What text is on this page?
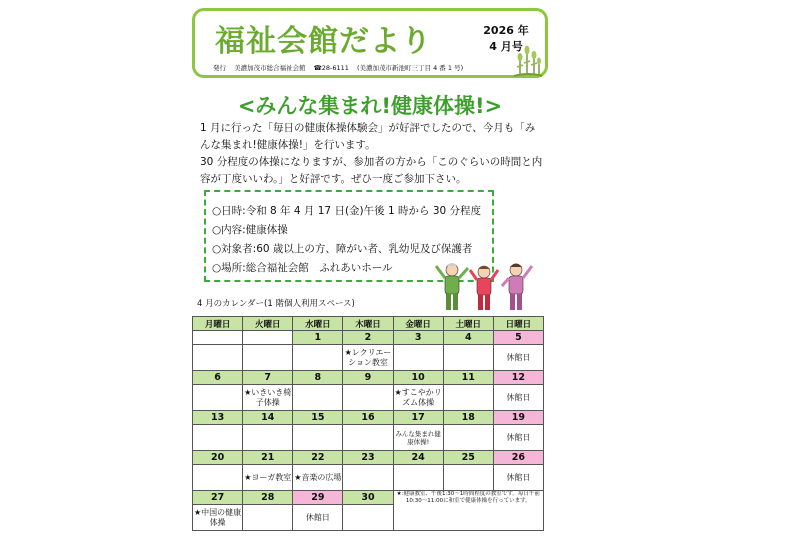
福祉会館だより	2026 年
4 月号
発行 美濃加茂市総合福祉会館 ☎28-6111 (美濃加茂市新池町三丁目 4 番 1 号)
<みんな集まれ!健康体操!>

1 月に行った「毎日の健康体操体験会」が好評でしたので、今月も「みんな集まれ!健康体操!」を行います。

30 分程度の体操になりますが、参加者の方から「このぐらいの時間と内容が丁度いいわ。」と好評です。ぜひ一度ご参加下さい。

○日時:令和 8 年 4 月 17 日(金)午後 1 時から 30 分程度
○内容:健康体操
○対象者:60 歳以上の方、障がい者、乳幼児及び保護者
○場所:総合福祉会館　ふれあいホール
4 月のカレンダー(1 階個人利用スペース)
月曜日	火曜日	水曜日	木曜日	金曜日	土曜日	日曜日
		1	2	3	4	5
			★レクリエーション教室			休館日
6	7	8	9	10	11	12
	★いきいき椅子体操			★すこやかリズム体操		休館日
13	14	15	16	17	18	19
				みんな集まれ健康体操!		休館日
20	21	22	23	24	25	26
	★ヨーガ教室	★音楽の広場				休館日
27	28	29	30	★:健康教室、午後1:30〜1時間程度の教室です。毎日午前10:30〜11:00に和室で健康体操を行っています。		
★中国の健康体操		休館日				
